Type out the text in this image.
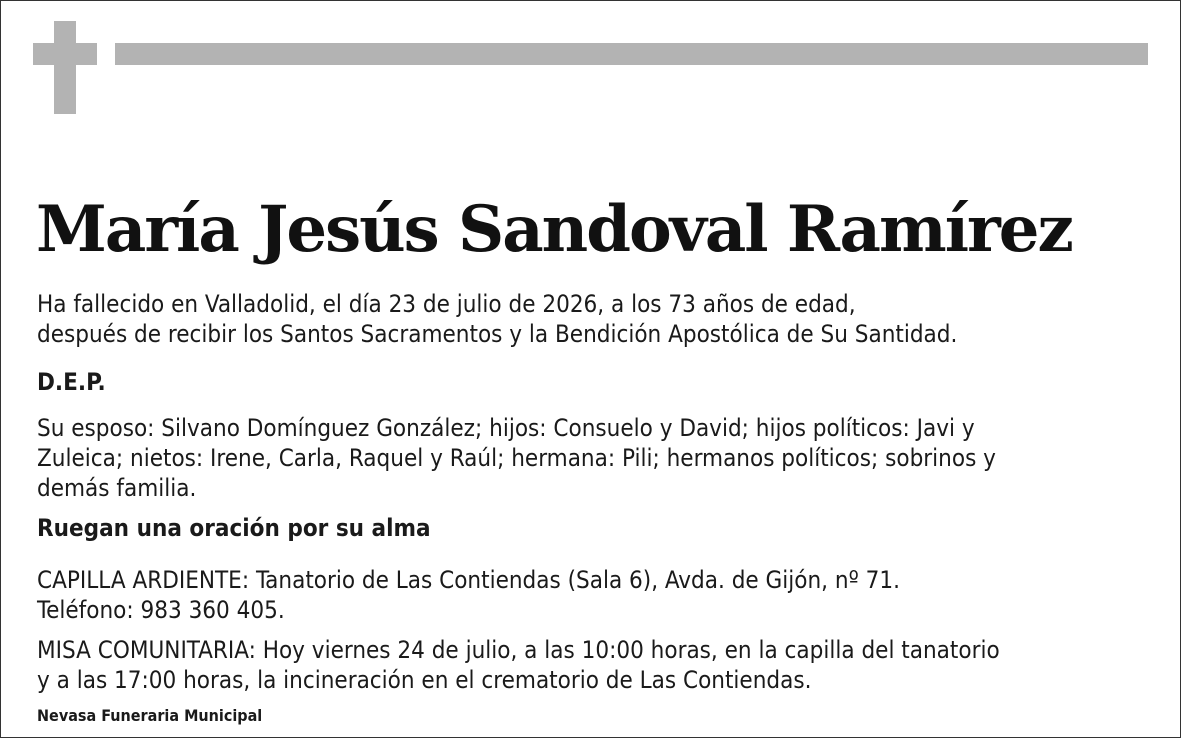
María Jesús Sandoval Ramírez

Ha fallecido en Valladolid, el día 23 de julio de 2026, a los 73 años de edad,

después de recibir los Santos Sacramentos y la Bendición Apostólica de Su Santidad.

D.E.P.

Su esposo: Silvano Domínguez González; hijos: Consuelo y David; hijos políticos: Javi y

Zuleica; nietos: Irene, Carla, Raquel y Raúl; hermana: Pili; hermanos políticos; sobrinos y

demás familia.

Ruegan una oración por su alma

CAPILLA ARDIENTE: Tanatorio de Las Contiendas (Sala 6), Avda. de Gijón, nº 71.

Teléfono: 983 360 405.

MISA COMUNITARIA: Hoy viernes 24 de julio, a las 10:00 horas, en la capilla del tanatorio

y a las 17:00 horas, la incineración en el crematorio de Las Contiendas.

Nevasa Funeraria Municipal
